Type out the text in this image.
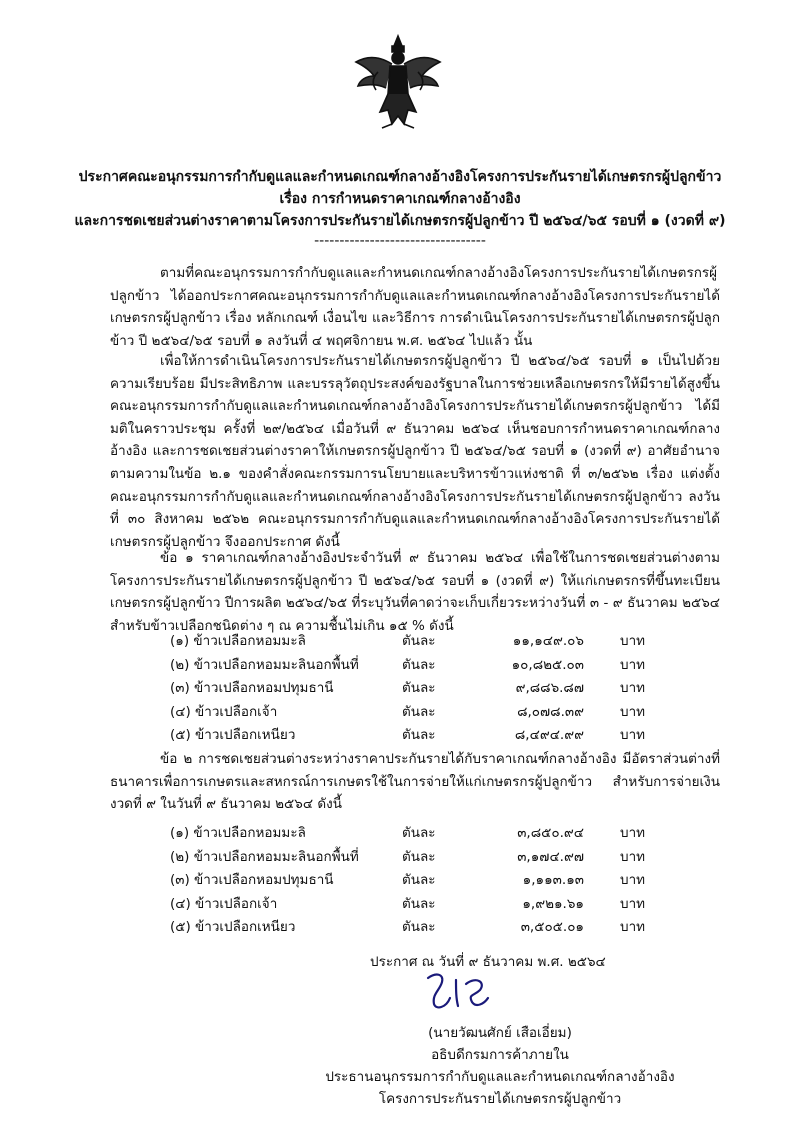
ประกาศคณะอนุกรรมการกำกับดูแลและกำหนดเกณฑ์กลางอ้างอิงโครงการประกันรายได้เกษตรกรผู้ปลูกข้าว
เรื่อง การกำหนดราคาเกณฑ์กลางอ้างอิง
และการชดเชยส่วนต่างราคาตามโครงการประกันรายได้เกษตรกรผู้ปลูกข้าว ปี ๒๕๖๔/๖๕ รอบที่ ๑ (งวดที่ ๙)
----------------------------------
ตามที่คณะอนุกรรมการกำกับดูแลและกำหนดเกณฑ์กลางอ้างอิงโครงการประกันรายได้เกษตรกรผู้ปลูกข้าว ได้ออกประกาศคณะอนุกรรมการกำกับดูแลและกำหนดเกณฑ์กลางอ้างอิงโครงการประกันรายได้เกษตรกรผู้ปลูกข้าว เรื่อง หลักเกณฑ์ เงื่อนไข และวิธีการ การดำเนินโครงการประกันรายได้เกษตรกรผู้ปลูกข้าว ปี ๒๕๖๔/๖๕ รอบที่ ๑ ลงวันที่ ๔ พฤศจิกายน พ.ศ. ๒๕๖๔ ไปแล้ว นั้น
เพื่อให้การดำเนินโครงการประกันรายได้เกษตรกรผู้ปลูกข้าว ปี ๒๕๖๔/๖๕ รอบที่ ๑ เป็นไปด้วยความเรียบร้อย มีประสิทธิภาพ และบรรลุวัตถุประสงค์ของรัฐบาลในการช่วยเหลือเกษตรกรให้มีรายได้สูงขึ้น คณะอนุกรรมการกำกับดูแลและกำหนดเกณฑ์กลางอ้างอิงโครงการประกันรายได้เกษตรกรผู้ปลูกข้าว ได้มีมติในคราวประชุม ครั้งที่ ๒๙/๒๕๖๔ เมื่อวันที่ ๙ ธันวาคม ๒๕๖๔ เห็นชอบการกำหนดราคาเกณฑ์กลางอ้างอิง และการชดเชยส่วนต่างราคาให้เกษตรกรผู้ปลูกข้าว ปี ๒๕๖๔/๖๕ รอบที่ ๑ (งวดที่ ๙) อาศัยอำนาจตามความในข้อ ๒.๑ ของคำสั่งคณะกรรมการนโยบายและบริหารข้าวแห่งชาติ ที่ ๓/๒๕๖๒ เรื่อง แต่งตั้งคณะอนุกรรมการกำกับดูแลและกำหนดเกณฑ์กลางอ้างอิงโครงการประกันรายได้เกษตรกรผู้ปลูกข้าว ลงวันที่ ๓๐ สิงหาคม ๒๕๖๒ คณะอนุกรรมการกำกับดูแลและกำหนดเกณฑ์กลางอ้างอิงโครงการประกันรายได้เกษตรกรผู้ปลูกข้าว จึงออกประกาศ ดังนี้
ข้อ ๑ ราคาเกณฑ์กลางอ้างอิงประจำวันที่ ๙ ธันวาคม ๒๕๖๔ เพื่อใช้ในการชดเชยส่วนต่างตามโครงการประกันรายได้เกษตรกรผู้ปลูกข้าว ปี ๒๕๖๔/๖๕ รอบที่ ๑ (งวดที่ ๙) ให้แก่เกษตรกรที่ขึ้นทะเบียนเกษตรกรผู้ปลูกข้าว ปีการผลิต ๒๕๖๔/๖๕ ที่ระบุวันที่คาดว่าจะเก็บเกี่ยวระหว่างวันที่ ๓ - ๙ ธันวาคม ๒๕๖๔ สำหรับข้าวเปลือกชนิดต่าง ๆ ณ ความชื้นไม่เกิน ๑๕ % ดังนี้
(๑) ข้าวเปลือกหอมมะลิ	ตันละ	๑๑,๑๔๙.๐๖	บาท
(๒) ข้าวเปลือกหอมมะลินอกพื้นที่	ตันละ	๑๐,๘๒๕.๐๓	บาท
(๓) ข้าวเปลือกหอมปทุมธานี	ตันละ	๙,๘๘๖.๘๗	บาท
(๔) ข้าวเปลือกเจ้า	ตันละ	๘,๐๗๘.๓๙	บาท
(๕) ข้าวเปลือกเหนียว	ตันละ	๘,๔๙๔.๙๙	บาท
ข้อ ๒ การชดเชยส่วนต่างระหว่างราคาประกันรายได้กับราคาเกณฑ์กลางอ้างอิง มีอัตราส่วนต่างที่ธนาคารเพื่อการเกษตรและสหกรณ์การเกษตรใช้ในการจ่ายให้แก่เกษตรกรผู้ปลูกข้าว สำหรับการจ่ายเงินงวดที่ ๙ ในวันที่ ๙ ธันวาคม ๒๕๖๔ ดังนี้
(๑) ข้าวเปลือกหอมมะลิ	ตันละ	๓,๘๕๐.๙๔	บาท
(๒) ข้าวเปลือกหอมมะลินอกพื้นที่	ตันละ	๓,๑๗๔.๙๗	บาท
(๓) ข้าวเปลือกหอมปทุมธานี	ตันละ	๑,๑๑๓.๑๓	บาท
(๔) ข้าวเปลือกเจ้า	ตันละ	๑,๙๒๑.๖๑	บาท
(๕) ข้าวเปลือกเหนียว	ตันละ	๓,๕๐๕.๐๑	บาท
ประกาศ ณ วันที่ ๙ ธันวาคม พ.ศ. ๒๕๖๔
(นายวัฒนศักย์ เสือเอี่ยม)
อธิบดีกรมการค้าภายใน
ประธานอนุกรรมการกำกับดูแลและกำหนดเกณฑ์กลางอ้างอิง
โครงการประกันรายได้เกษตรกรผู้ปลูกข้าว
